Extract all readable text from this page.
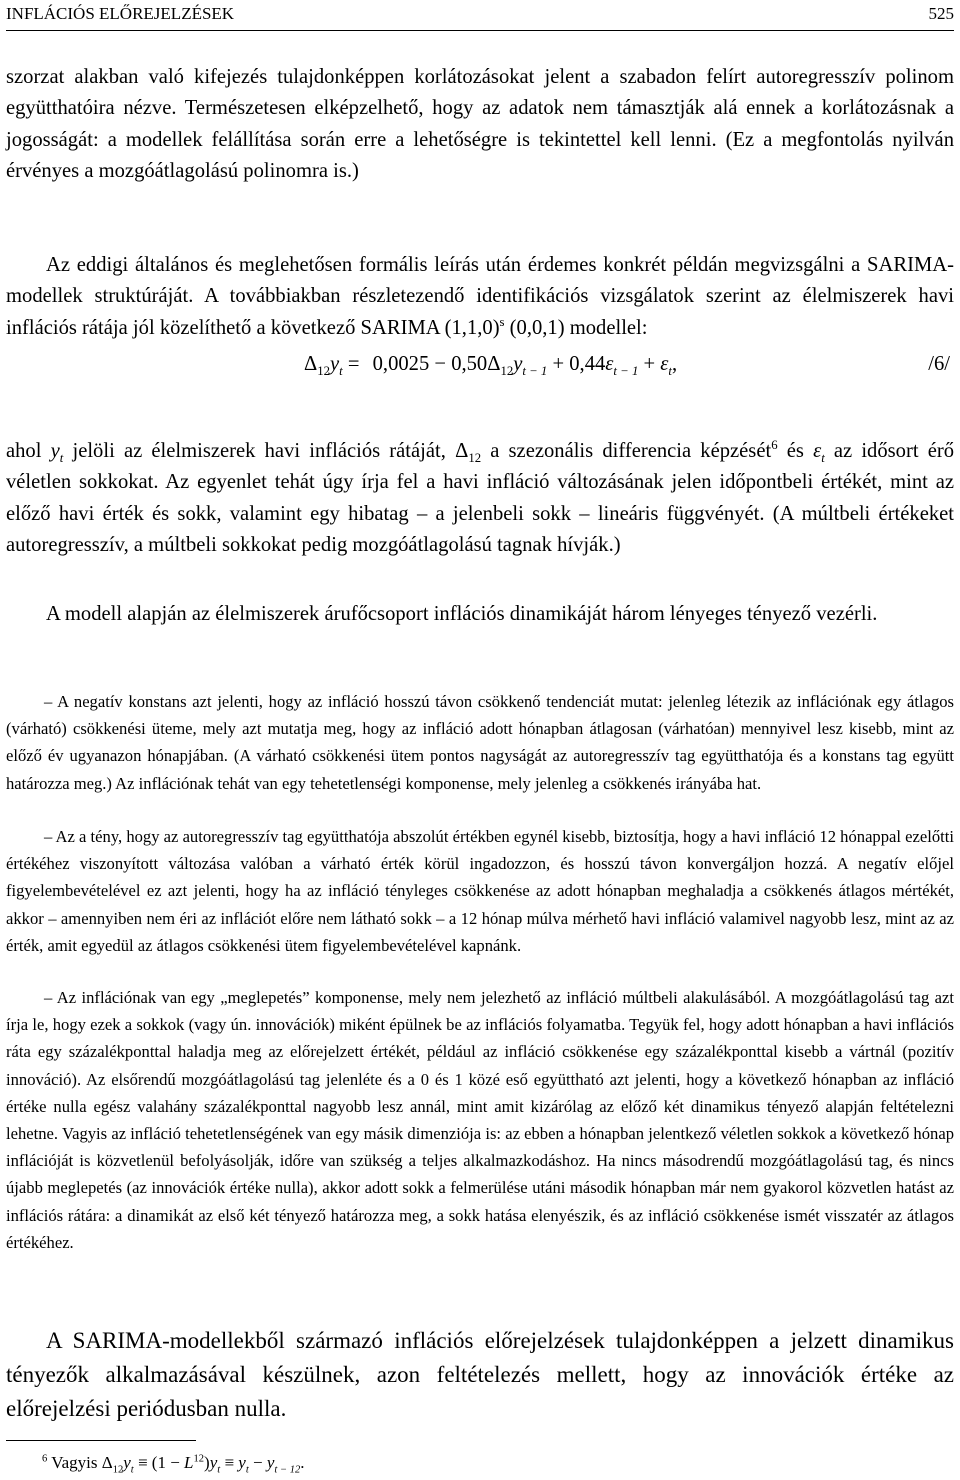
INFLÁCIÓS ELŐREJELZÉSEK	525

szorzat alakban való kifejezés tulajdonképpen korlátozásokat jelent a szabadon felírt autoregresszív polinom együtthatóira nézve. Természetesen elképzelhető, hogy az adatok nem támasztják alá ennek a korlátozásnak a jogosságát: a modellek felállítása során erre a lehetőségre is tekintettel kell lenni. (Ez a megfontolás nyilván érvényes a mozgóátlagolású polinomra is.)

Az eddigi általános és meglehetősen formális leírás után érdemes konkrét példán megvizsgálni a SARIMA-modellek struktúráját. A továbbiakban részletezendő identifikációs vizsgálatok szerint az élelmiszerek havi inflációs rátája jól közelíthető a következő SARIMA $(1,1,0)^s$ (0,0,1) modellel:

$\Delta_{12}y_t = 0,0025 - 0,50\Delta_{12}y_{t - 1} + 0,44\varepsilon_{t - 1} + \varepsilon_t$,	/6/

ahol $y_t$ jelöli az élelmiszerek havi inflációs rátáját, $\Delta_{12}$ a szezonális differencia képzését$^6$ és $\varepsilon_t$ az idősort érő véletlen sokkokat. Az egyenlet tehát úgy írja fel a havi infláció változásának jelen időpontbeli értékét, mint az előző havi érték és sokk, valamint egy hibatag – a jelenbeli sokk – lineáris függvényét. (A múltbeli értékeket autoregresszív, a múltbeli sokkokat pedig mozgóátlagolású tagnak hívják.)

A modell alapján az élelmiszerek árufőcsoport inflációs dinamikáját három lényeges tényező vezérli.

– A negatív konstans azt jelenti, hogy az infláció hosszú távon csökkenő tendenciát mutat: jelenleg létezik az inflációnak egy átlagos (várható) csökkenési üteme, mely azt mutatja meg, hogy az infláció adott hónapban átlagosan (várhatóan) mennyivel lesz kisebb, mint az előző év ugyanazon hónapjában. (A várható csökkenési ütem pontos nagyságát az autoregresszív tag együtthatója és a konstans tag együtt határozza meg.) Az inflációnak tehát van egy tehetetlenségi komponense, mely jelenleg a csökkenés irányába hat.

– Az a tény, hogy az autoregresszív tag együtthatója abszolút értékben egynél kisebb, biztosítja, hogy a havi infláció 12 hónappal ezelőtti értékéhez viszonyított változása valóban a várható érték körül ingadozzon, és hosszú távon konvergáljon hozzá. A negatív előjel figyelembevételével ez azt jelenti, hogy ha az infláció tényleges csökkenése az adott hónapban meghaladja a csökkenés átlagos mértékét, akkor – amennyiben nem éri az inflációt előre nem látható sokk – a 12 hónap múlva mérhető havi infláció valamivel nagyobb lesz, mint az az érték, amit egyedül az átlagos csökkenési ütem figyelembevételével kapnánk.

– Az inflációnak van egy „meglepetés” komponense, mely nem jelezhető az infláció múltbeli alakulásából. A mozgóátlagolású tag azt írja le, hogy ezek a sokkok (vagy ún. innovációk) miként épülnek be az inflációs folyamatba. Tegyük fel, hogy adott hónapban a havi inflációs ráta egy százalékponttal haladja meg az előrejelzett értékét, például az infláció csökkenése egy százalékponttal kisebb a vártnál (pozitív innováció). Az elsőrendű mozgóátlagolású tag jelenléte és a 0 és 1 közé eső együttható azt jelenti, hogy a következő hónapban az infláció értéke nulla egész valahány százalékponttal nagyobb lesz annál, mint amit kizárólag az előző két dinamikus tényező alapján feltételezni lehetne. Vagyis az infláció tehetetlenségének van egy másik dimenziója is: az ebben a hónapban jelentkező véletlen sokkok a következő hónap inflációját is közvetlenül befolyásolják, időre van szükség a teljes alkalmazkodáshoz. Ha nincs másodrendű mozgóátlagolású tag, és nincs újabb meglepetés (az innovációk értéke nulla), akkor adott sokk a felmerülése utáni második hónapban már nem gyakorol közvetlen hatást az inflációs rátára: a dinamikát az első két tényező határozza meg, a sokk hatása elenyészik, és az infláció csökkenése ismét visszatér az átlagos értékéhez.

A SARIMA-modellekből származó inflációs előrejelzések tulajdonképpen a jelzett dinamikus tényezők alkalmazásával készülnek, azon feltételezés mellett, hogy az innovációk értéke az előrejelzési periódusban nulla.

$^6$ Vagyis $\Delta_{12}y_t \equiv (1 - L^{12})y_t \equiv y_t - y_{t - 12}$.
